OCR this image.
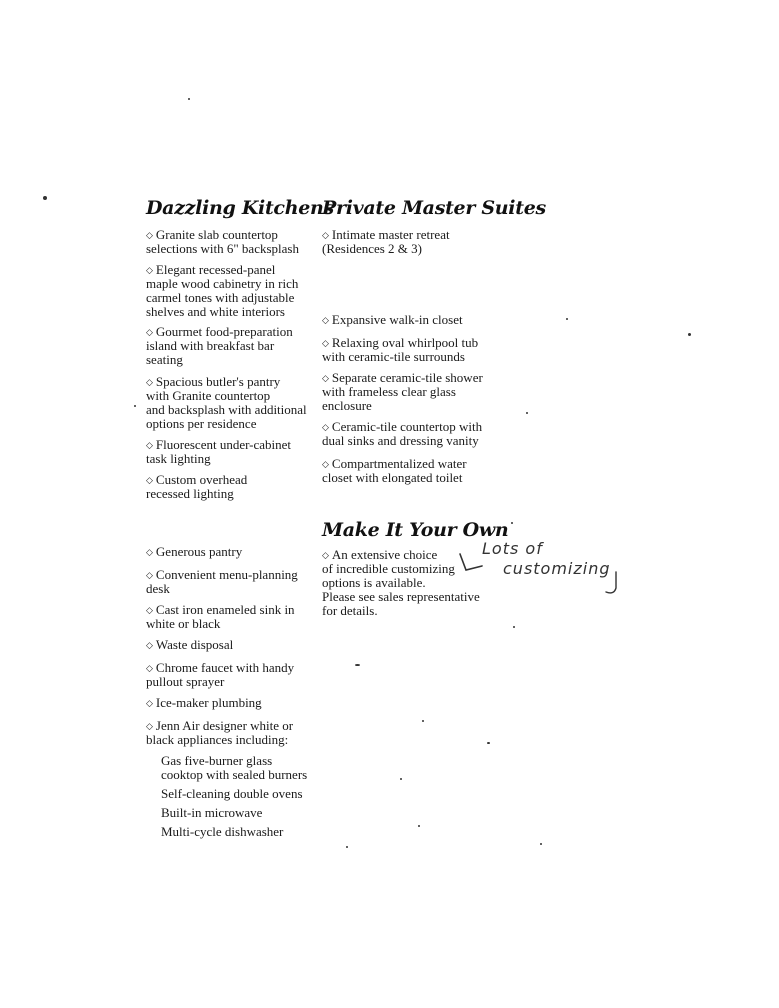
Dazzling Kitchens
◇ Granite slab countertop
selections with 6" backsplash
◇ Elegant recessed-panel
maple wood cabinetry in rich
carmel tones with adjustable
shelves and white interiors
◇ Gourmet food-preparation
island with breakfast bar
seating
◇ Spacious butler's pantry
with Granite countertop
and backsplash with additional
options per residence
◇ Fluorescent under-cabinet
task lighting
◇ Custom overhead
recessed lighting
◇ Generous pantry
◇ Convenient menu-planning
desk
◇ Cast iron enameled sink in
white or black
◇ Waste disposal
◇ Chrome faucet with handy
pullout sprayer
◇ Ice-maker plumbing
◇ Jenn Air designer white or
black appliances including:
Gas five-burner glass
cooktop with sealed burners
Self-cleaning double ovens
Built-in microwave
Multi-cycle dishwasher
Private Master Suites
◇ Intimate master retreat
(Residences 2 & 3)
◇ Expansive walk-in closet
◇ Relaxing oval whirlpool tub
with ceramic-tile surrounds
◇ Separate ceramic-tile shower
with frameless clear glass
enclosure
◇ Ceramic-tile countertop with
dual sinks and dressing vanity
◇ Compartmentalized water
closet with elongated toilet
Make It Your Own
◇ An extensive choice
of incredible customizing
options is available.
Please see sales representative
for details.
Lots of
customizing
